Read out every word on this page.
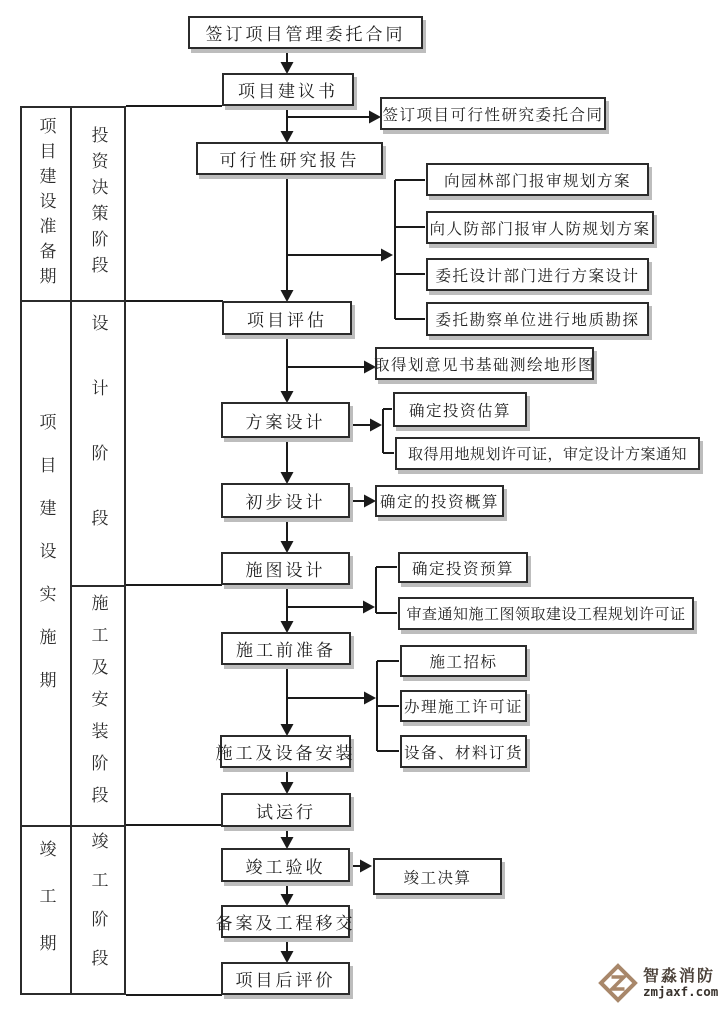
项目建设准备期
项目建设实施期
竣工期
投资决策阶段
设计阶段
施工及安装阶段
竣工阶段
签订项目管理委托合同
项目建议书
可行性研究报告
项目评估
方案设计
初步设计
施图设计
施工前准备
施工及设备安装
试运行
竣工验收
备案及工程移交
项目后评价
签订项目可行性研究委托合同
向园林部门报审规划方案
向人防部门报审人防规划方案
委托设计部门进行方案设计
委托勘察单位进行地质勘探
取得划意见书基础测绘地形图
确定投资估算
取得用地规划许可证，审定设计方案通知
确定的投资概算
确定投资预算
审查通知施工图领取建设工程规划许可证
施工招标
办理施工许可证
设备、材料订货
竣工决算
智淼消防
zmjaxf.com
